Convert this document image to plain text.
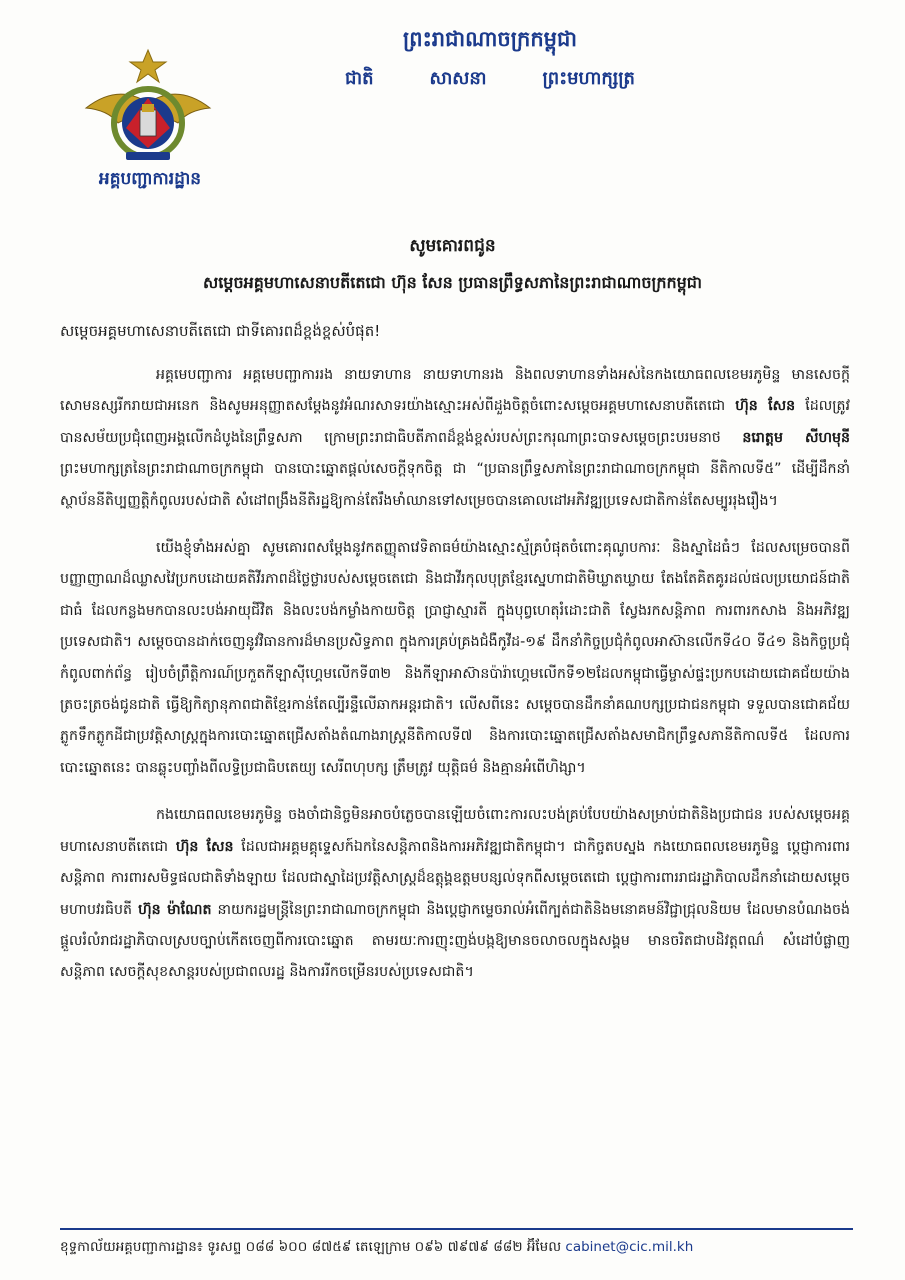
អគ្គបញ្ជាការដ្ឋាន
ព្រះរាជាណាចក្រកម្ពុជា
ជាតិ	សាសនា	ព្រះមហាក្សត្រ
សូមគោរពជូន
សម្តេចអគ្គមហាសេនាបតីតេជោ ហ៊ុន សែន ប្រធានព្រឹទ្ធសភានៃព្រះរាជាណាចក្រកម្ពុជា
សម្តេចអគ្គមហាសេនាបតីតេជោ ជាទីគោរពដ៏ខ្ពង់ខ្ពស់បំផុត!

អគ្គមេបញ្ជាការ អគ្គមេបញ្ជាការរង នាយទាហាន នាយទាហានរង និងពលទាហានទាំងអស់នៃកងយោធពលខេមរភូមិន្ទ មានសេចក្តីសោមនស្សរីករាយជាអនេក និងសូមអនុញ្ញាតសម្តែងនូវអំណរសាទរយ៉ាងស្មោះអស់ពីដួងចិត្តចំពោះសម្តេចអគ្គមហាសេនាបតីតេជោ ហ៊ុន សែន ដែលត្រូវបានសម័យប្រជុំពេញអង្គលើកដំបូងនៃព្រឹទ្ធសភា ក្រោមព្រះរាជាធិបតីភាពដ៏ខ្ពង់ខ្ពស់របស់ព្រះករុណាព្រះបាទសម្តេចព្រះបរមនាថ នរោត្តម សីហមុនី ព្រះមហាក្សត្រនៃព្រះរាជាណាចក្រកម្ពុជា បានបោះឆ្នោតផ្តល់សេចក្តីទុកចិត្ត ជា “ប្រធានព្រឹទ្ធសភានៃព្រះរាជាណាចក្រកម្ពុជា នីតិកាលទី៥” ដើម្បីដឹកនាំស្ថាប័ននីតិប្បញ្ញត្តិកំពូលរបស់ជាតិ សំដៅពង្រឹងនីតិរដ្ឋឱ្យកាន់តែរឹងមាំឈានទៅសម្រេចបានគោលដៅអភិវឌ្ឍប្រទេសជាតិកាន់តែសម្បូររុងរឿង។

យើងខ្ញុំទាំងអស់គ្នា សូមគោរពសម្តែងនូវកតញ្ញុតាវេទិតាធម៌យ៉ាងស្មោះស្ម័គ្របំផុតចំពោះគុណូបការៈ និងស្នាដៃធំៗ ដែលសម្រេចបានពីបញ្ញាញាណដ៏ឈ្លាសវៃប្រកបដោយគតិវីរភាពដ៏ថ្លៃថ្លារបស់សម្តេចតេជោ និងជាវីរកុលបុត្រខ្មែរស្នេហាជាតិមិឃ្លាតឃ្លាយ តែងតែគិតគូរដល់ផលប្រយោជន៍ជាតិជាធំ ដែលកន្លងមកបានលះបង់អាយុជីវិត និងលះបង់កម្លាំងកាយចិត្ត ប្រាជ្ញាស្មារតី ក្នុងបុព្វហេតុរំដោះជាតិ ស្វែងរកសន្តិភាព ការពារកសាង និងអភិវឌ្ឍប្រទេសជាតិ។ សម្តេចបានដាក់ចេញនូវវិធានការដ៏មានប្រសិទ្ធភាព ក្នុងការគ្រប់គ្រងជំងឺកូវីដ-១៩ ដឹកនាំកិច្ចប្រជុំកំពូលអាស៊ានលើកទី៤០ ទី៤១ និងកិច្ចប្រជុំកំពូលពាក់ព័ន្ធ រៀបចំព្រឹត្តិការណ៍ប្រកួតកីឡាស៊ីហ្គេមលើកទី៣២ និងកីឡាអាស៊ានប៉ារ៉ាហ្គេមលើកទី១២ដែលកម្ពុជាធ្វើម្ចាស់ផ្ទះប្រកបដោយជោគជ័យយ៉ាងត្រចះត្រចង់ជូនជាតិ ធ្វើឱ្យកិត្យានុភាពជាតិខ្មែរកាន់តែល្បីរន្ទឺលើឆាកអន្តរជាតិ។ លើសពីនេះ សម្តេចបានដឹកនាំគណបក្សប្រជាជនកម្ពុជា ទទួលបានជោគជ័យភ្លូកទឹកភ្លូកដីជាប្រវត្តិសាស្ត្រក្នុងការបោះឆ្នោតជ្រើសតាំងតំណាងរាស្ត្រនីតិកាលទី៧ និងការបោះឆ្នោតជ្រើសតាំងសមាជិកព្រឹទ្ធសភានីតិកាលទី៥ ដែលការបោះឆ្នោតនេះ បានឆ្លុះបញ្ចាំងពីលទ្ធិប្រជាធិបតេយ្យ សេរីពហុបក្ស ត្រឹមត្រូវ យុត្តិធម៌ និងគ្មានអំពើហិង្សា។

កងយោធពលខេមរភូមិន្ទ ចងចាំជានិច្ចមិនអាចបំភ្លេចបានឡើយចំពោះការលះបង់គ្រប់បែបយ៉ាងសម្រាប់ជាតិនិងប្រជាជន របស់សម្តេចអគ្គមហាសេនាបតីតេជោ ហ៊ុន សែន ដែលជាអគ្គមគ្គុទ្ទេសក៍ឯកនៃសន្តិភាពនិងការអភិវឌ្ឍជាតិកម្ពុជា។ ជាកិច្ចតបស្នង កងយោធពលខេមរភូមិន្ទ ប្តេជ្ញាការពារសន្តិភាព ការពារសមិទ្ធផលជាតិទាំងឡាយ ដែលជាស្នាដៃប្រវត្តិសាស្ត្រដ៏ឧត្តុង្គឧត្តមបន្សល់ទុកពីសម្តេចតេជោ ប្តេជ្ញាការពាររាជរដ្ឋាភិបាលដឹកនាំដោយសម្តេចមហាបវរធិបតី ហ៊ុន ម៉ាណែត នាយករដ្ឋមន្ត្រីនៃព្រះរាជាណាចក្រកម្ពុជា និងប្តេជ្ញាកម្ទេចរាល់អំពើក្បត់ជាតិនិងមនោគមន៍វិជ្ជាជ្រុលនិយម ដែលមានបំណងចង់ផ្តួលរំលំរាជរដ្ឋាភិបាលស្របច្បាប់កើតចេញពីការបោះឆ្នោត តាមរយៈការញុះញង់បង្កឱ្យមានចលាចលក្នុងសង្គម មានចរិតជាបដិវត្តពណ៌ សំដៅបំផ្លាញសន្តិភាព សេចក្តីសុខសាន្តរបស់ប្រជាពលរដ្ឋ និងការរីកចម្រើនរបស់ប្រទេសជាតិ។

ខុទ្ទកាល័យអគ្គបញ្ជាការដ្ឋាន៖ ទូរសព្ទ ០៨៨ ៦០០ ៨៧៥៩ តេឡេក្រាម ០៩៦ ៧៩៧៩ ៨៨២ អ៊ីមែល cabinet@cic.mil.kh
